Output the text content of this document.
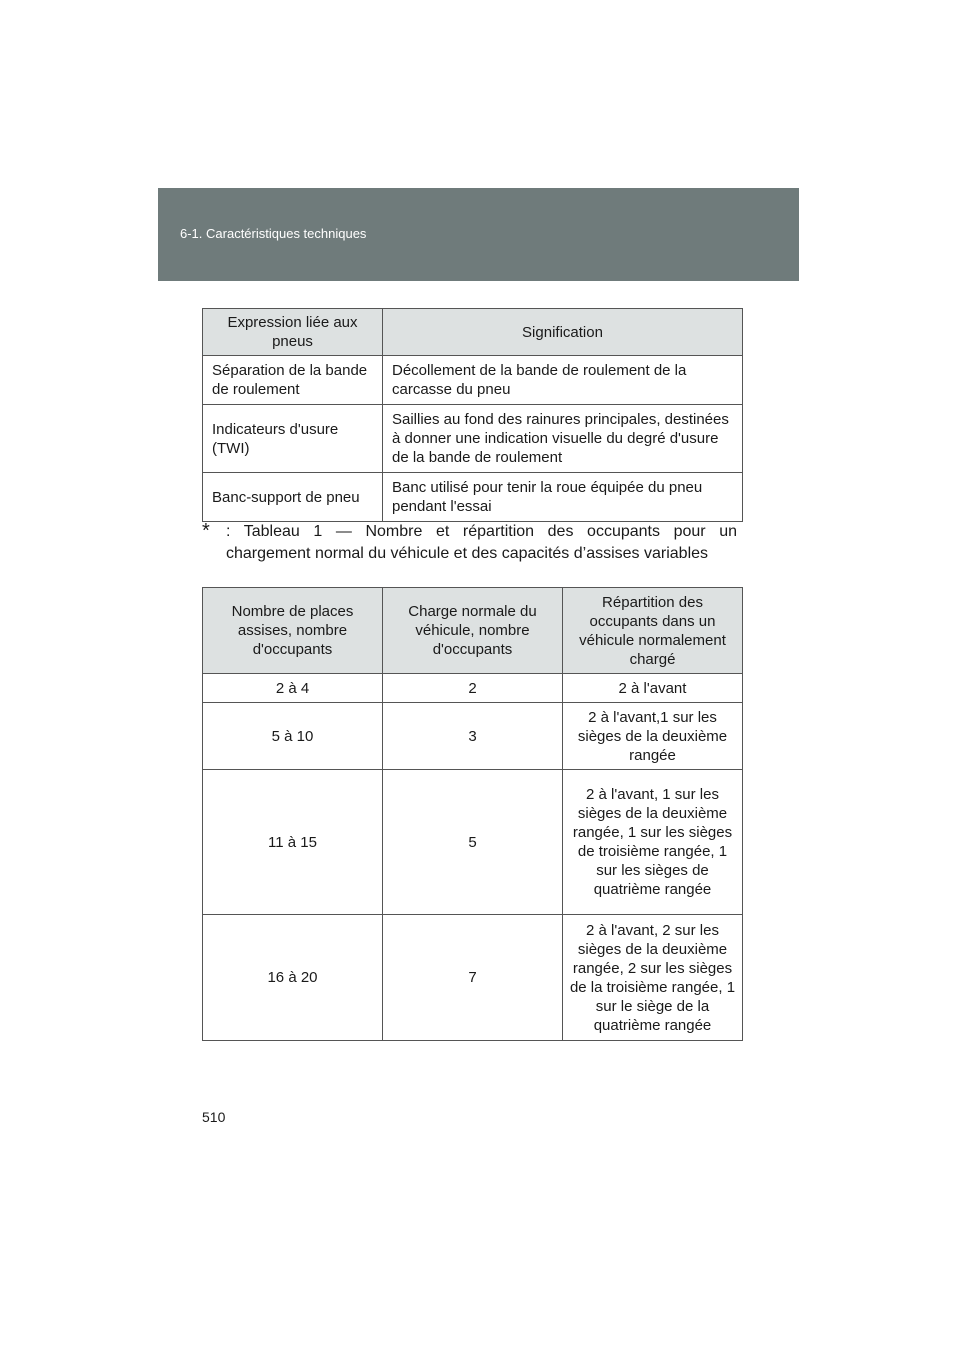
6-1. Caractéristiques techniques
Expression liée aux pneus	Signification
Séparation de la bande de roulement	Décollement de la bande de roulement de la carcasse du pneu
Indicateurs d'usure (TWI)	Saillies au fond des rainures principales, destinées à donner une indication visuelle du degré d'usure de la bande de roulement
Banc-support de pneu	Banc utilisé pour tenir la roue équipée du pneu pendant l'essai
*	: Tableau 1 — Nombre et répartition des occupants pour un
chargement normal du véhicule et des capacités d’assises variables
Nombre de places assises, nombre d'occupants	Charge normale du véhicule, nombre d'occupants	Répartition des occupants dans un véhicule normalement chargé
2 à 4	2	2 à l'avant
5 à 10	3	2 à l'avant,1 sur les sièges de la deuxième rangée
11 à 15	5	2 à l'avant, 1 sur les sièges de la deuxième rangée, 1 sur les sièges de troisième rangée, 1 sur les sièges de quatrième rangée
16 à 20	7	2 à l'avant, 2 sur les sièges de la deuxième rangée, 2 sur les sièges de la troisième rangée, 1 sur le siège de la quatrième rangée
510
